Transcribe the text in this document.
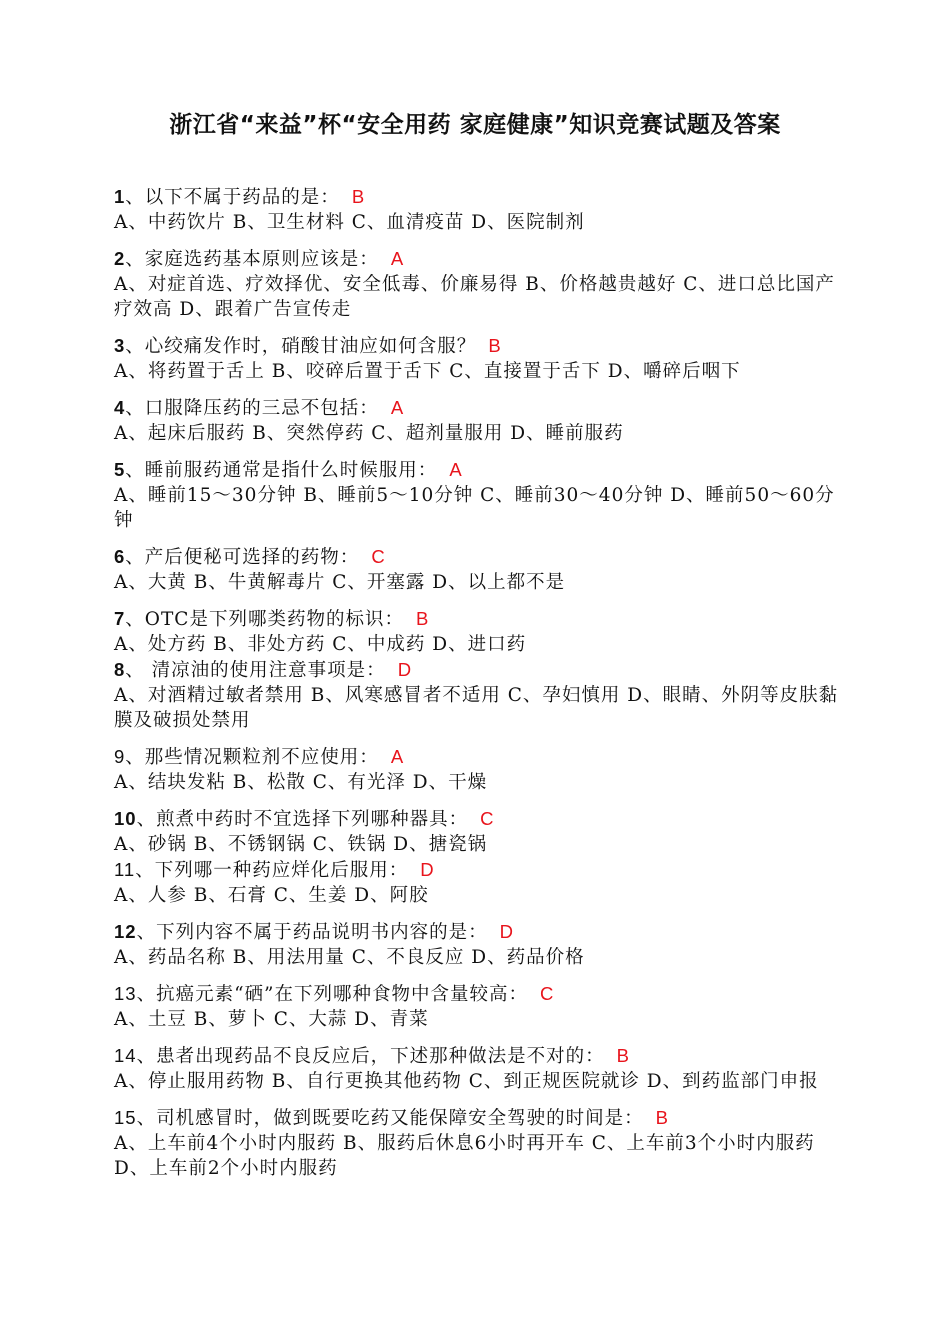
浙江省“来益”杯“安全用药 家庭健康”知识竞赛试题及答案
1、以下不属于药品的是： B
A、中药饮片 B、卫生材料 C、血清疫苗 D、医院制剂
2、家庭选药基本原则应该是： A
A、对症首选、疗效择优、安全低毒、价廉易得 B、价格越贵越好 C、进口总比国产疗效高 D、跟着广告宣传走
3、心绞痛发作时，硝酸甘油应如何含服？ B
A、将药置于舌上 B、咬碎后置于舌下 C、直接置于舌下 D、嚼碎后咽下
4、口服降压药的三忌不包括： A
A、起床后服药 B、突然停药 C、超剂量服用 D、睡前服药
5、睡前服药通常是指什么时候服用： A
A、睡前15～30分钟 B、睡前5～10分钟 C、睡前30～40分钟 D、睡前50～60分钟
6、产后便秘可选择的药物： C
A、大黄 B、牛黄解毒片 C、开塞露 D、以上都不是
7、OTC是下列哪类药物的标识： B
A、处方药 B、非处方药 C、中成药 D、进口药
8、 清凉油的使用注意事项是： D
A、对酒精过敏者禁用 B、风寒感冒者不适用 C、孕妇慎用 D、眼睛、外阴等皮肤黏膜及破损处禁用
9、那些情况颗粒剂不应使用： A
A、结块发粘 B、松散 C、有光泽 D、干燥
10、煎煮中药时不宜选择下列哪种器具： C
A、砂锅 B、不锈钢锅 C、铁锅 D、搪瓷锅
11、下列哪一种药应烊化后服用： D
A、人参 B、石膏 C、生姜 D、阿胶
12、下列内容不属于药品说明书内容的是： D
A、药品名称 B、用法用量 C、不良反应 D、药品价格
13、抗癌元素“硒”在下列哪种食物中含量较高： C
A、土豆 B、萝卜 C、大蒜 D、青菜
14、患者出现药品不良反应后，下述那种做法是不对的： B
A、停止服用药物 B、自行更换其他药物 C、到正规医院就诊 D、到药监部门申报
15、司机感冒时，做到既要吃药又能保障安全驾驶的时间是： B
A、上车前4个小时内服药 B、服药后休息6小时再开车 C、上车前3个小时内服药 D、上车前2个小时内服药
